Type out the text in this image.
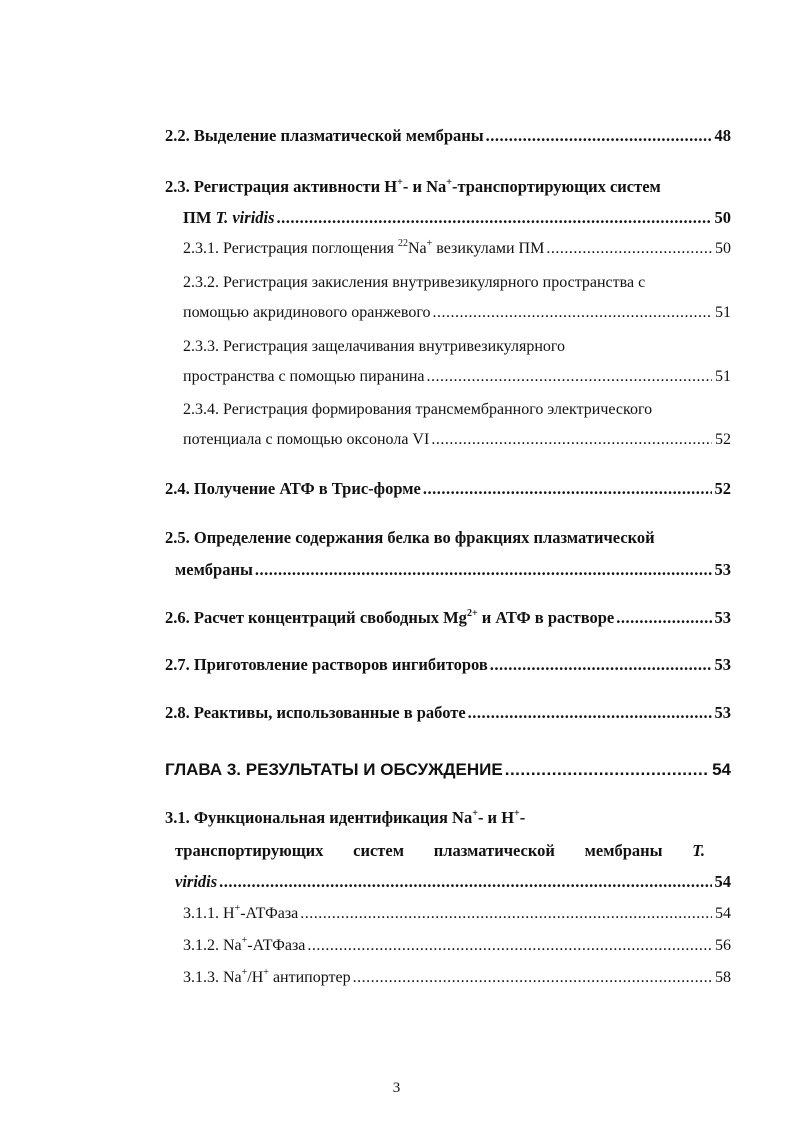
2.2. Выделение плазматической мембраны .....	48
2.3. Регистрация активности H+- и Na+-транспортирующих систем
ПМ T. viridis .....	50
2.3.1. Регистрация поглощения $^{22}$Na+ везикулами ПМ .....	50
2.3.2. Регистрация закисления внутривезикулярного пространства с
помощью акридинового оранжевого .....	51
2.3.3. Регистрация защелачивания внутривезикулярного
пространства с помощью пиранина .....	51
2.3.4. Регистрация формирования трансмембранного электрического
потенциала с помощью оксонола VI .....	52
2.4. Получение АТФ в Трис-форме .....	52
2.5. Определение содержания белка во фракциях плазматической
мембраны .....	53
2.6. Расчет концентраций свободных $Mg^{2+}$ и АТФ в растворе .....	53
2.7. Приготовление растворов ингибиторов .....	53
2.8. Реактивы, использованные в работе .....	53
ГЛАВА 3. РЕЗУЛЬТАТЫ И ОБСУЖДЕНИЕ .....	54
3.1. Функциональная идентификация Na+- и H+-
транспортирующих систем плазматической мембраны T.
viridis .....	54
3.1.1. H+-АТФаза .....	54
3.1.2. Na+-АТФаза .....	56
3.1.3. Na+/H+ антипортер .....	58
3
